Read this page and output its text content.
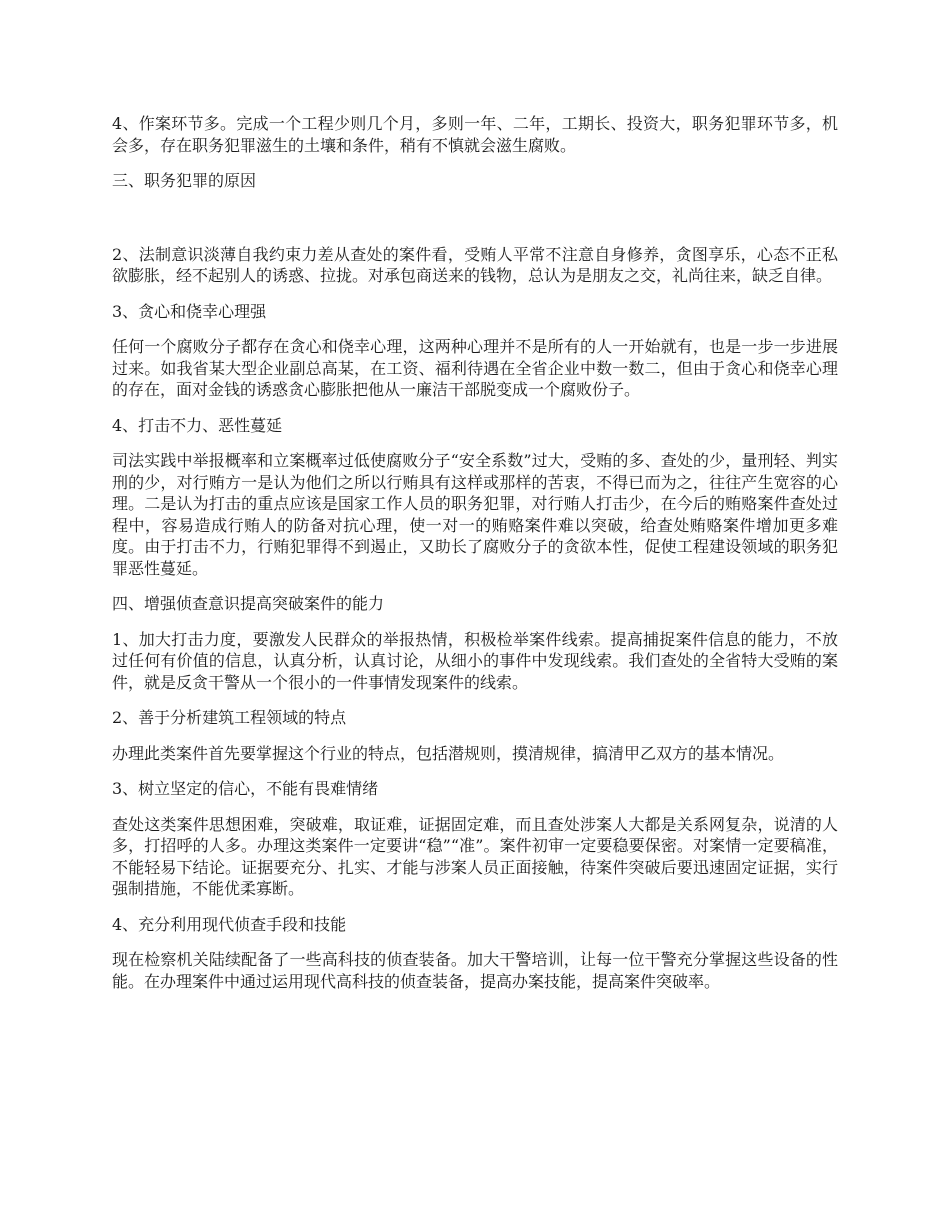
4、作案环节多。完成一个工程少则几个月，多则一年、二年，工期长、投资大，职务犯罪环节多，机会多，存在职务犯罪滋生的土壤和条件，稍有不慎就会滋生腐败。

三、职务犯罪的原因

2、法制意识淡薄自我约束力差从查处的案件看，受贿人平常不注意自身修养，贪图享乐，心态不正私欲膨胀，经不起别人的诱惑、拉拢。对承包商送来的钱物，总认为是朋友之交，礼尚往来，缺乏自律。

3、贪心和侥幸心理强

任何一个腐败分子都存在贪心和侥幸心理，这两种心理并不是所有的人一开始就有，也是一步一步进展过来。如我省某大型企业副总高某，在工资、福利待遇在全省企业中数一数二，但由于贪心和侥幸心理的存在，面对金钱的诱惑贪心膨胀把他从一廉洁干部脱变成一个腐败份子。

4、打击不力、恶性蔓延

司法实践中举报概率和立案概率过低使腐败分子“安全系数”过大，受贿的多、查处的少，量刑轻、判实刑的少，对行贿方一是认为他们之所以行贿具有这样或那样的苦衷，不得已而为之，往往产生宽容的心理。二是认为打击的重点应该是国家工作人员的职务犯罪，对行贿人打击少，在今后的贿赂案件查处过程中，容易造成行贿人的防备对抗心理，使一对一的贿赂案件难以突破，给查处贿赂案件增加更多难度。由于打击不力，行贿犯罪得不到遏止，又助长了腐败分子的贪欲本性，促使工程建设领域的职务犯罪恶性蔓延。

四、增强侦查意识提高突破案件的能力

1、加大打击力度，要激发人民群众的举报热情，积极检举案件线索。提高捕捉案件信息的能力，不放过任何有价值的信息，认真分析，认真讨论，从细小的事件中发现线索。我们查处的全省特大受贿的案件，就是反贪干警从一个很小的一件事情发现案件的线索。

2、善于分析建筑工程领域的特点

办理此类案件首先要掌握这个行业的特点，包括潜规则，摸清规律，搞清甲乙双方的基本情况。

3、树立坚定的信心，不能有畏难情绪

查处这类案件思想困难，突破难，取证难，证据固定难，而且查处涉案人大都是关系网复杂，说清的人多，打招呼的人多。办理这类案件一定要讲“稳”“准”。案件初审一定要稳要保密。对案情一定要稿准，不能轻易下结论。证据要充分、扎实、才能与涉案人员正面接触，待案件突破后要迅速固定证据，实行强制措施，不能优柔寡断。

4、充分利用现代侦查手段和技能

现在检察机关陆续配备了一些高科技的侦查装备。加大干警培训，让每一位干警充分掌握这些设备的性能。在办理案件中通过运用现代高科技的侦查装备，提高办案技能，提高案件突破率。
